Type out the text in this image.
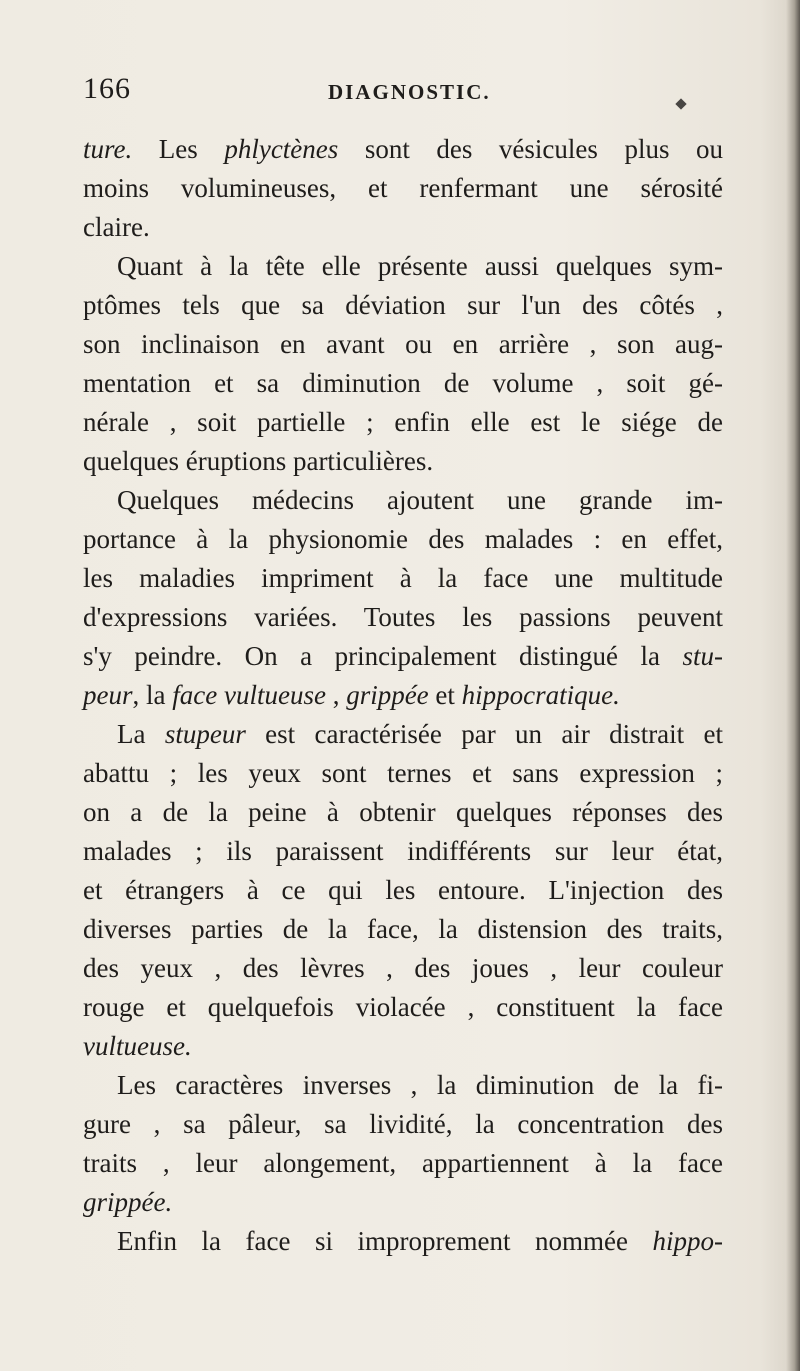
166	DIAGNOSTIC.
ture. Les phlyctènes sont des vésicules plus ou
moins volumineuses, et renfermant une sérosité
claire.
Quant à la tête elle présente aussi quelques sym-
ptômes tels que sa déviation sur l'un des côtés ,
son inclinaison en avant ou en arrière , son aug-
mentation et sa diminution de volume , soit gé-
nérale , soit partielle ; enfin elle est le siége de
quelques éruptions particulières.
Quelques médecins ajoutent une grande im-
portance à la physionomie des malades : en effet,
les maladies impriment à la face une multitude
d'expressions variées. Toutes les passions peuvent
s'y peindre. On a principalement distingué la stu-
peur, la face vultueuse , grippée et hippocratique.
La stupeur est caractérisée par un air distrait et
abattu ; les yeux sont ternes et sans expression ;
on a de la peine à obtenir quelques réponses des
malades ; ils paraissent indifférents sur leur état,
et étrangers à ce qui les entoure. L'injection des
diverses parties de la face, la distension des traits,
des yeux , des lèvres , des joues , leur couleur
rouge et quelquefois violacée , constituent la face
vultueuse.
Les caractères inverses , la diminution de la fi-
gure , sa pâleur, sa lividité, la concentration des
traits , leur alongement, appartiennent à la face
grippée.
Enfin la face si improprement nommée hippo-
